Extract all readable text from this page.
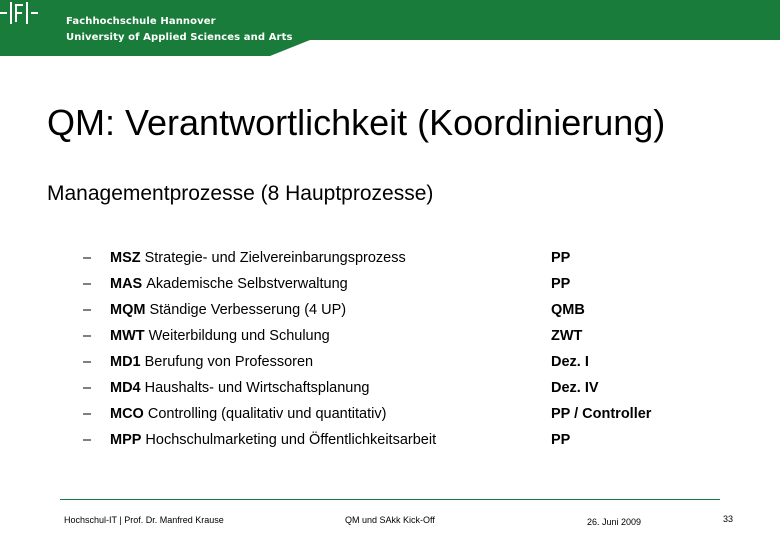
Fachhochschule Hannover
University of Applied Sciences and Arts
QM: Verantwortlichkeit (Koordinierung)
Managementprozesse (8 Hauptprozesse)
– MSZ Strategie- und Zielvereinbarungsprozess	PP
– MAS Akademische Selbstverwaltung	PP
– MQM Ständige Verbesserung (4 UP)	QMB
– MWT Weiterbildung und Schulung	ZWT
– MD1 Berufung von Professoren	Dez. I
– MD4 Haushalts- und Wirtschaftsplanung	Dez. IV
– MCO Controlling (qualitativ und quantitativ)	PP / Controller
– MPP Hochschulmarketing und Öffentlichkeitsarbeit	PP
Hochschul-IT | Prof. Dr. Manfred Krause	QM und SAkk Kick-Off	26. Juni 2009	33
